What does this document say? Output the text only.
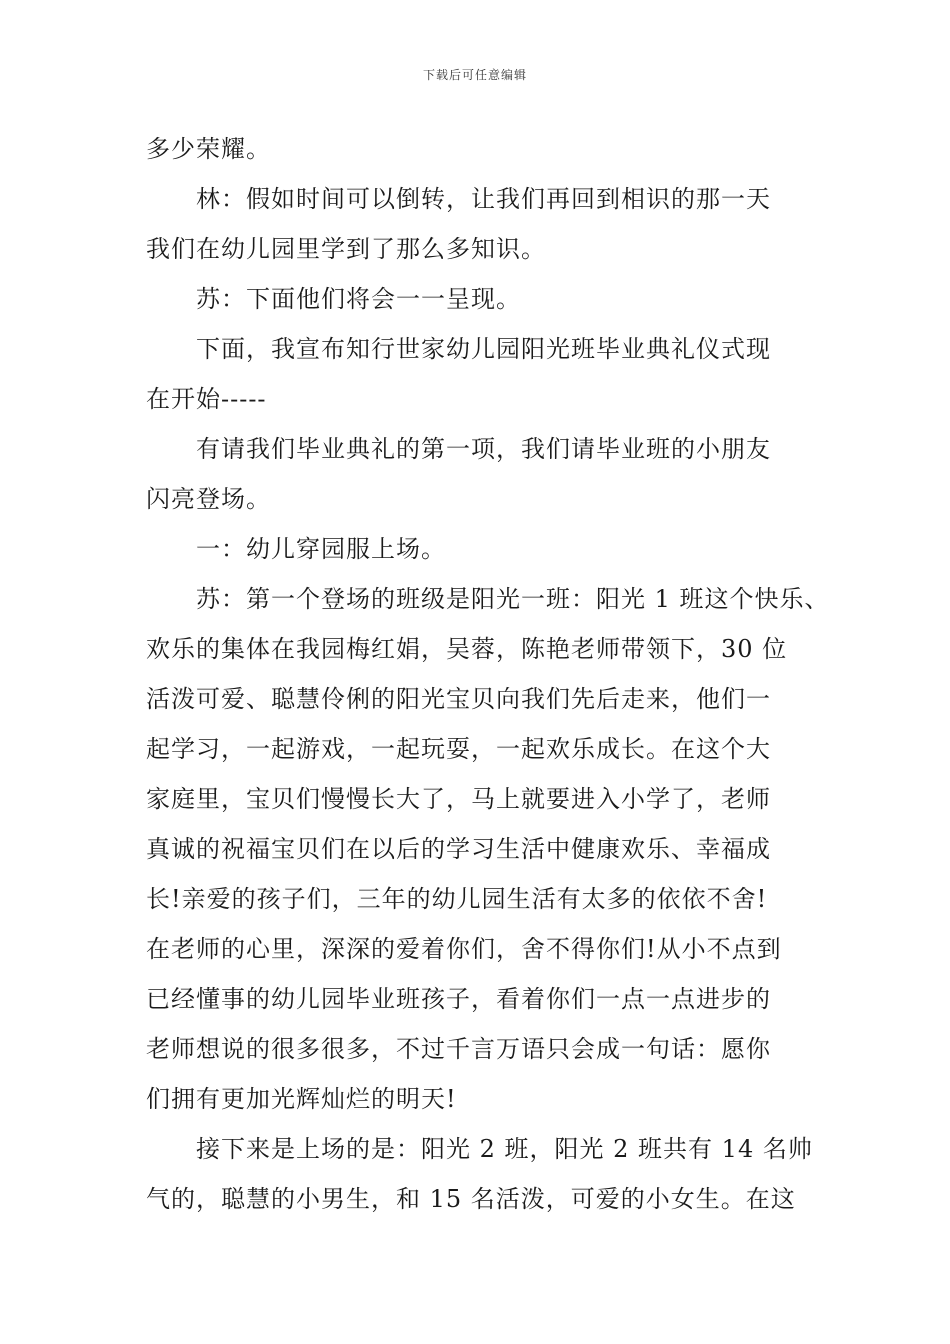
下载后可任意编辑
多少荣耀。
林：假如时间可以倒转，让我们再回到相识的那一天
我们在幼儿园里学到了那么多知识。
苏：下面他们将会一一呈现。
下面，我宣布知行世家幼儿园阳光班毕业典礼仪式现
在开始-----
有请我们毕业典礼的第一项，我们请毕业班的小朋友
闪亮登场。
一：幼儿穿园服上场。
苏：第一个登场的班级是阳光一班：阳光 1 班这个快乐、
欢乐的集体在我园梅红娟，吴蓉，陈艳老师带领下，30 位
活泼可爱、聪慧伶俐的阳光宝贝向我们先后走来，他们一
起学习，一起游戏，一起玩耍，一起欢乐成长。在这个大
家庭里，宝贝们慢慢长大了，马上就要进入小学了，老师
真诚的祝福宝贝们在以后的学习生活中健康欢乐、幸福成
长!亲爱的孩子们，三年的幼儿园生活有太多的依依不舍!
在老师的心里，深深的爱着你们，舍不得你们!从小不点到
已经懂事的幼儿园毕业班孩子，看着你们一点一点进步的
老师想说的很多很多，不过千言万语只会成一句话：愿你
们拥有更加光辉灿烂的明天!
接下来是上场的是：阳光 2 班，阳光 2 班共有 14 名帅
气的，聪慧的小男生，和 15 名活泼，可爱的小女生。在这
